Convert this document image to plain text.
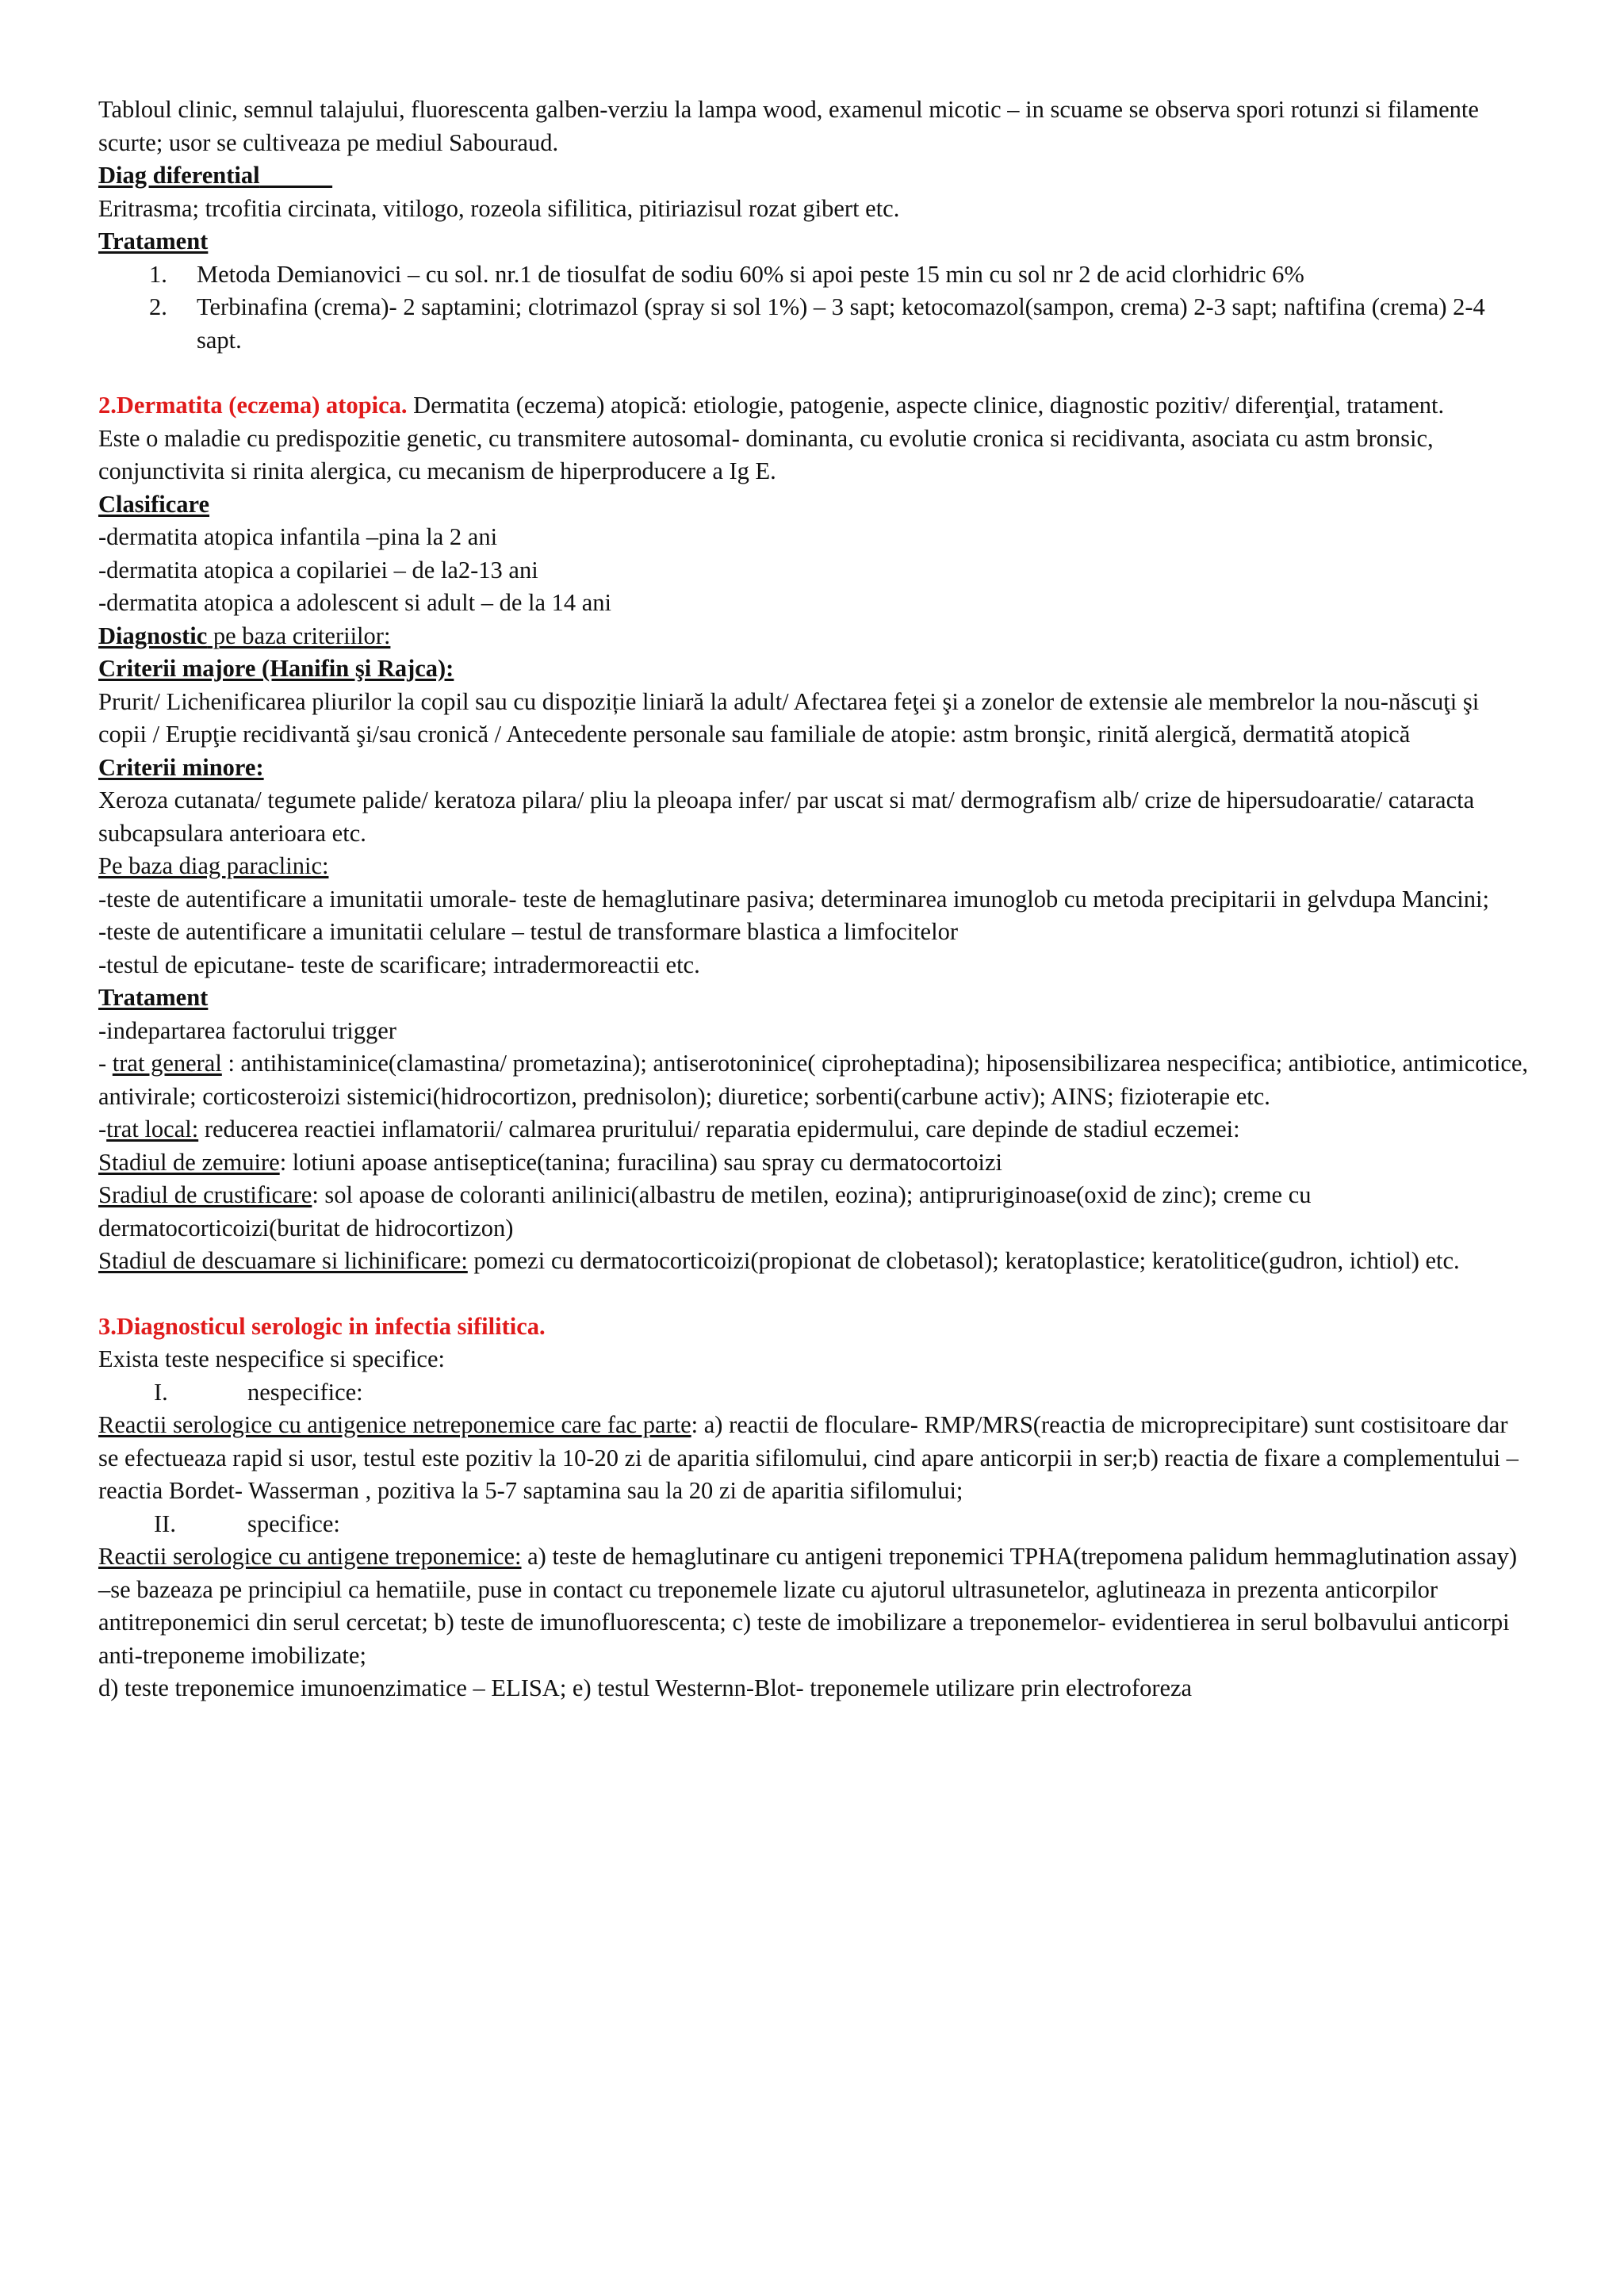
Tabloul clinic, semnul talajului, fluorescenta galben-verziu la lampa wood, examenul micotic – in scuame se observa spori rotunzi si filamente scurte; usor se cultiveaza pe mediul Sabouraud.

Diag diferential

Eritrasma; trcofitia circinata, vitilogo, rozeola sifilitica, pitiriazisul rozat gibert etc.

Tratament
1. Metoda Demianovici – cu sol. nr.1 de tiosulfat de sodiu 60% si apoi peste 15 min cu sol nr 2 de acid clorhidric 6%
2. Terbinafina (crema)- 2 saptamini; clotrimazol (spray si sol 1%) – 3 sapt; ketocomazol(sampon, crema) 2-3 sapt; naftifina (crema) 2-4 sapt.

2.Dermatita (eczema) atopica. Dermatita (eczema) atopică: etiologie, patogenie, aspecte clinice, diagnostic pozitiv/ diferenţial, tratament.

Este o maladie cu predispozitie genetic, cu transmitere autosomal- dominanta, cu evolutie cronica si recidivanta, asociata cu astm bronsic, conjunctivita si rinita alergica, cu mecanism de hiperproducere a Ig E.

Clasificare
-dermatita atopica infantila –pina la 2 ani
-dermatita atopica a copilariei – de la2-13 ani
-dermatita atopica a adolescent si adult – de la 14 ani
Diagnostic pe baza criteriilor:
Criterii majore (Hanifin şi Rajca):

Prurit/ Lichenificarea pliurilor la copil sau cu dispoziție liniară la adult/ Afectarea feţei şi a zonelor de extensie ale membrelor la nou-născuţi şi copii / Erupţie recidivantă şi/sau cronică / Antecedente personale sau familiale de atopie: astm bronşic, rinită alergică, dermatită atopică

Criterii minore:

Xeroza cutanata/ tegumete palide/ keratoza pilara/ pliu la pleoapa infer/ par uscat si mat/ dermografism alb/ crize de hipersudoaratie/ cataracta subcapsulara anterioara etc.

Pe baza diag paraclinic:

-teste de autentificare a imunitatii umorale- teste de hemaglutinare pasiva; determinarea imunoglob cu metoda precipitarii in gelvdupa Mancini;

-teste de autentificare a imunitatii celulare – testul de transformare blastica a limfocitelor

-testul de epicutane- teste de scarificare; intradermoreactii etc.

Tratament
-indepartarea factorului trigger

- trat general : antihistaminice(clamastina/ prometazina); antiserotoninice( ciproheptadina); hiposensibilizarea nespecifica; antibiotice, antimicotice, antivirale; corticosteroizi sistemici(hidrocortizon, prednisolon); diuretice; sorbenti(carbune activ); AINS; fizioterapie etc.

-trat local: reducerea reactiei inflamatorii/ calmarea pruritului/ reparatia epidermului, care depinde de stadiul eczemei:

Stadiul de zemuire: lotiuni apoase antiseptice(tanina; furacilina) sau spray cu dermatocortoizi

Sradiul de crustificare: sol apoase de coloranti anilinici(albastru de metilen, eozina); antipruriginoase(oxid de zinc); creme cu dermatocorticoizi(buritat de hidrocortizon)

Stadiul de descuamare si lichinificare: pomezi cu dermatocorticoizi(propionat de clobetasol); keratoplastice; keratolitice(gudron, ichtiol) etc.

3.Diagnosticul serologic in infectia sifilitica.
Exista teste nespecifice si specifice:
I.	nespecifice:

Reactii serologice cu antigenice netreponemice care fac parte: a) reactii de floculare- RMP/MRS(reactia de microprecipitare) sunt costisitoare dar se efectueaza rapid si usor, testul este pozitiv la 10-20 zi de aparitia sifilomului, cind apare anticorpii in ser;b) reactia de fixare a complementului – reactia Bordet- Wasserman , pozitiva la 5-7 saptamina sau la 20 zi de aparitia sifilomului;

II.	specifice:

Reactii serologice cu antigene treponemice: a) teste de hemaglutinare cu antigeni treponemici TPHA(trepomena palidum hemmaglutination assay) –se bazeaza pe principiul ca hematiile, puse in contact cu treponemele lizate cu ajutorul ultrasunetelor, aglutineaza in prezenta anticorpilor antitreponemici din serul cercetat; b) teste de imunofluorescenta; c) teste de imobilizare a treponemelor- evidentierea in serul bolbavului anticorpi anti-treponeme imobilizate;

d) teste treponemice imunoenzimatice – ELISA; e) testul Westernn-Blot- treponemele utilizare prin electroforeza
